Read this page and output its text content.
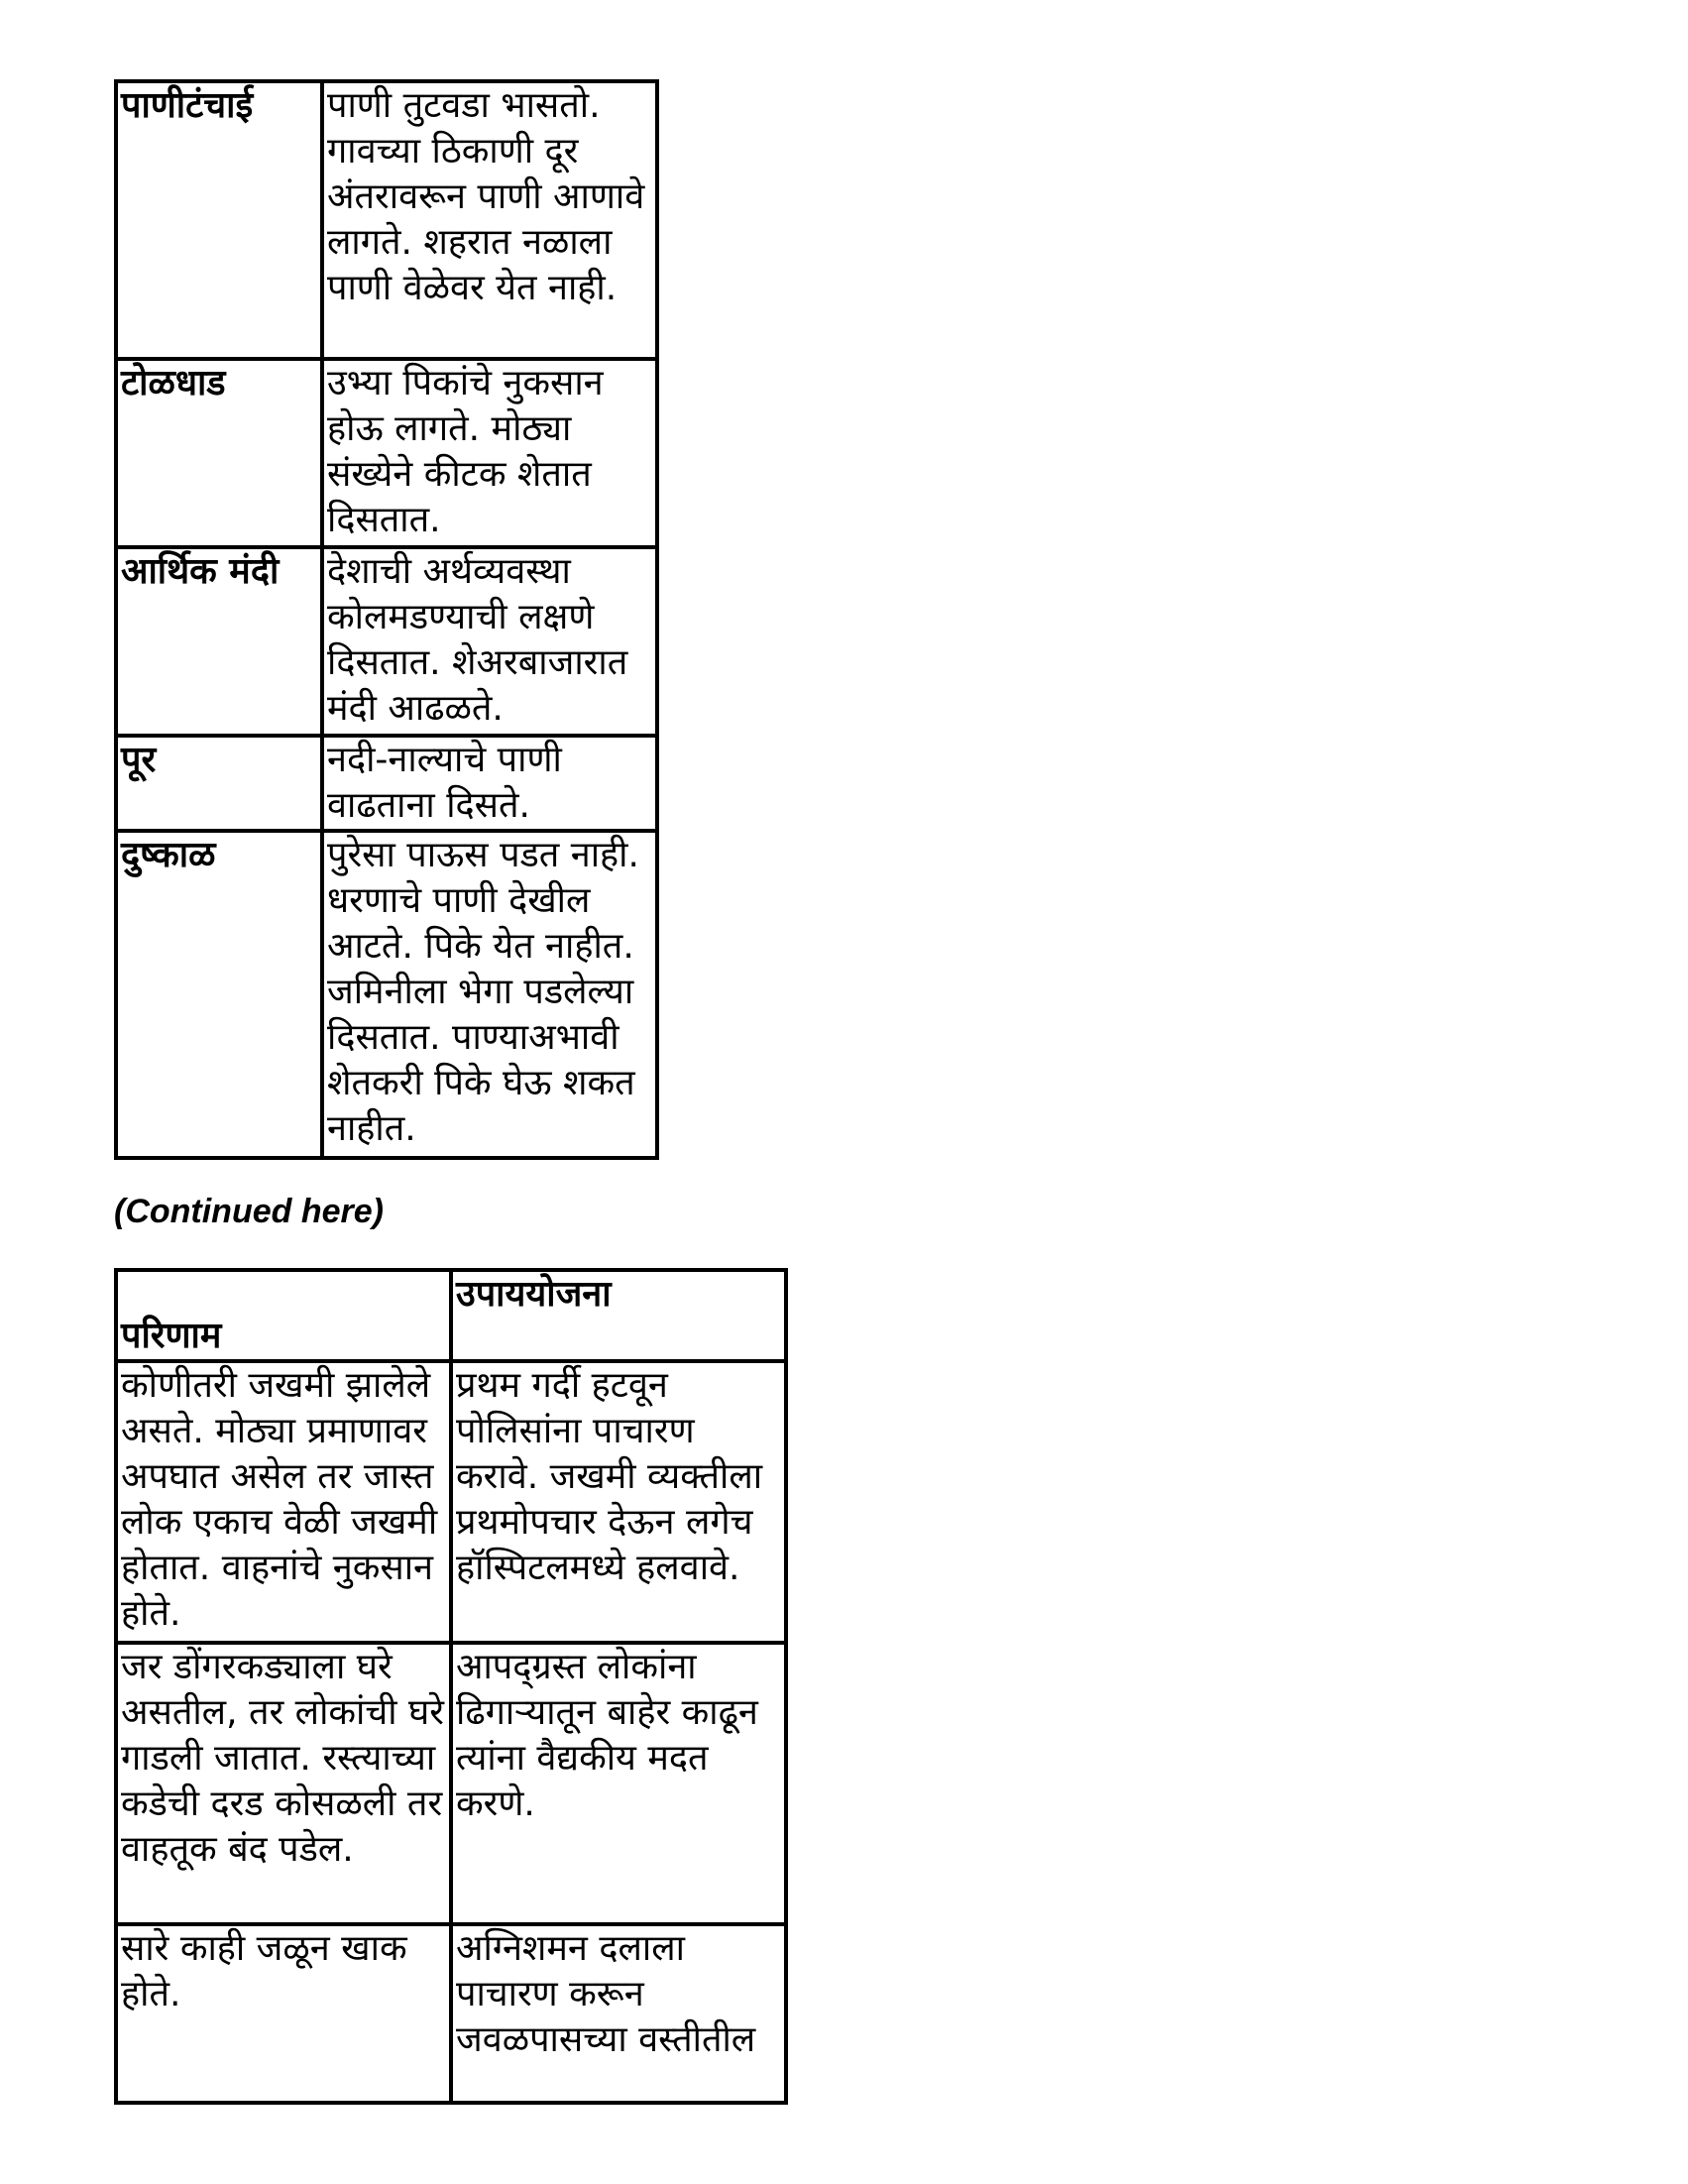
पाणीटंचाई	पाणी तुटवडा भासतो. गावच्या ठिकाणी दूर अंतरावरून पाणी आणावे लागते. शहरात नळाला पाणी वेळेवर येत नाही.
टोळधाड	उभ्या पिकांचे नुकसान होऊ लागते. मोठ्या संख्येने कीटक शेतात दिसतात.
आर्थिक मंदी	देशाची अर्थव्यवस्था कोलमडण्याची लक्षणे दिसतात. शेअरबाजारात मंदी आढळते.
पूर	नदी-नाल्याचे पाणी वाढताना दिसते.
दुष्काळ	पुरेसा पाऊस पडत नाही. धरणाचे पाणी देखील आटते. पिके येत नाहीत. जमिनीला भेगा पडलेल्या दिसतात. पाण्याअभावी शेतकरी पिके घेऊ शकत नाहीत.
(Continued here)
परिणाम	उपाययोजना
कोणीतरी जखमी झालेले असते. मोठ्या प्रमाणावर अपघात असेल तर जास्त लोक एकाच वेळी जखमी होतात. वाहनांचे नुकसान होते.	प्रथम गर्दी हटवून पोलिसांना पाचारण करावे. जखमी व्यक्तीला प्रथमोपचार देऊन लगेच हॉस्पिटलमध्ये हलवावे.
जर डोंगरकड्याला घरे असतील, तर लोकांची घरे गाडली जातात. रस्त्याच्या कडेची दरड कोसळली तर वाहतूक बंद पडेल.	आपद्ग्रस्त लोकांना ढिगाऱ्यातून बाहेर काढून त्यांना वैद्यकीय मदत करणे.
सारे काही जळून खाक होते.	अग्निशमन दलाला पाचारण करून जवळपासच्या वस्तीतील
